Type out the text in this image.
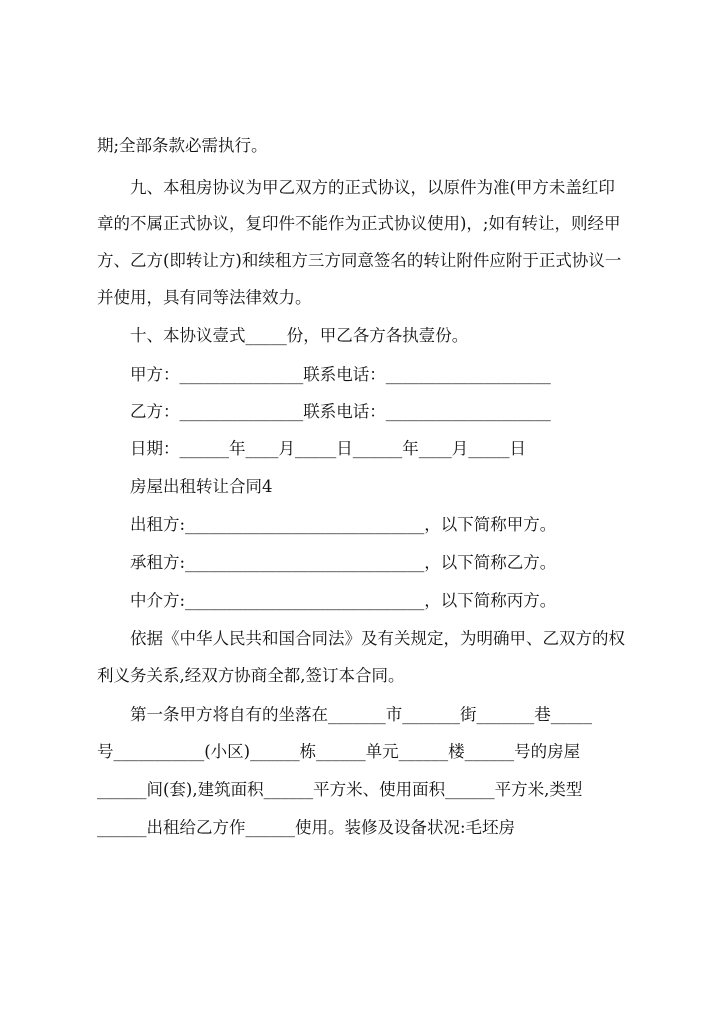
期;全部条款必需执行。
九、本租房协议为甲乙双方的正式协议，以原件为准(甲方未盖红印
章的不属正式协议，复印件不能作为正式协议使用)，;如有转让，则经甲
方、乙方(即转让方)和续租方三方同意签名的转让附件应附于正式协议一
并使用，具有同等法律效力。
十、本协议壹式_____份，甲乙各方各执壹份。
甲方：_______________联系电话：____________________
乙方：_______________联系电话：____________________
日期：______年____月_____日______年____月_____日
房屋出租转让合同4
出租方:_____________________________，以下简称甲方。
承租方:_____________________________，以下简称乙方。
中介方:_____________________________，以下简称丙方。
依据《中华人民共和国合同法》及有关规定，为明确甲、乙双方的权
利义务关系,经双方协商全都,签订本合同。
第一条甲方将自有的坐落在_______市_______街_______巷_____
号___________(小区)______栋______单元______楼______号的房屋
______间(套),建筑面积______平方米、使用面积______平方米,类型
______出租给乙方作______使用。装修及设备状况:毛坯房
